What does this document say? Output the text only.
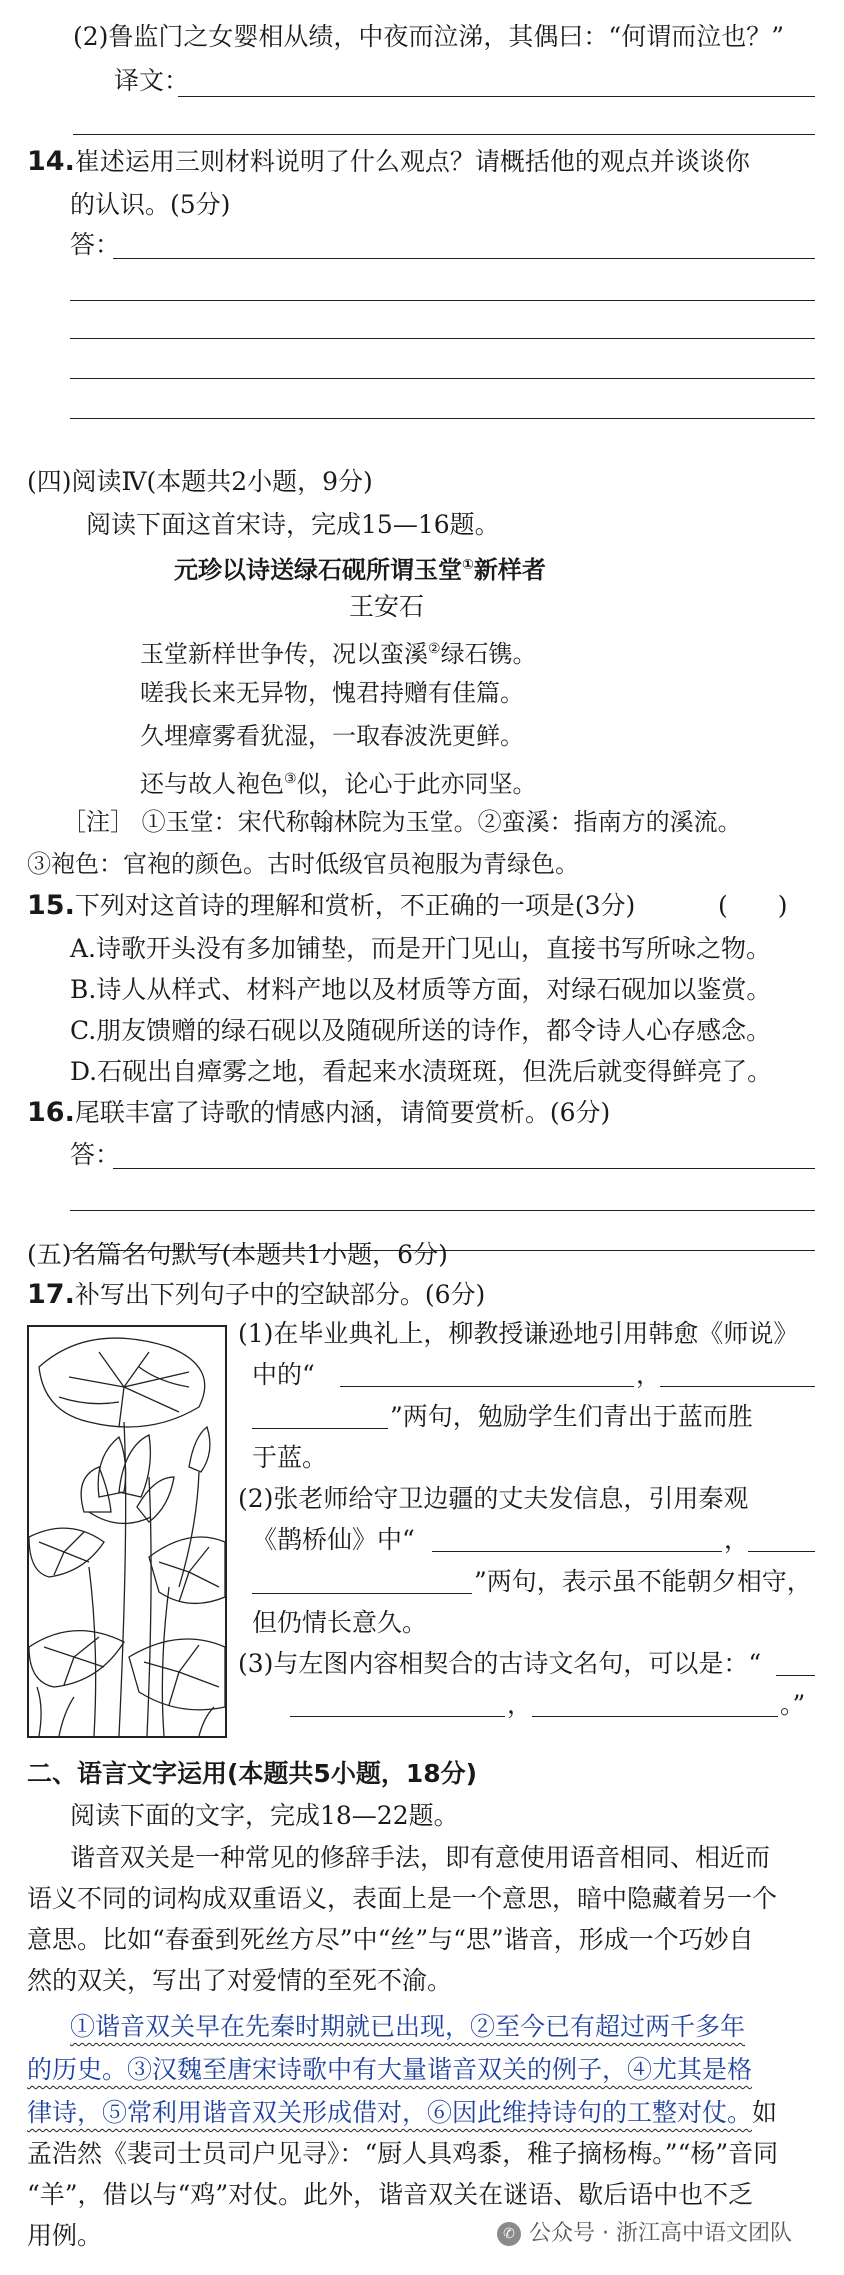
(2)鲁监门之女婴相从绩，中夜而泣涕，其偶曰：“何谓而泣也？”
译文：
14.崔述运用三则材料说明了什么观点？请概括他的观点并谈谈你
的认识。(5分)
答：
(四)阅读Ⅳ(本题共2小题，9分)
阅读下面这首宋诗，完成15—16题。
元珍以诗送绿石砚所谓玉堂①新样者
王安石
玉堂新样世争传，况以蛮溪②绿石镌。
嗟我长来无异物，愧君持赠有佳篇。
久埋瘴雾看犹湿，一取春波洗更鲜。
还与故人袍色③似，论心于此亦同坚。
［注］ ①玉堂：宋代称翰林院为玉堂。②蛮溪：指南方的溪流。
③袍色：官袍的颜色。古时低级官员袍服为青绿色。
15.下列对这首诗的理解和赏析，不正确的一项是(3分)	(　　)
A.诗歌开头没有多加铺垫，而是开门见山，直接书写所咏之物。
B.诗人从样式、材料产地以及材质等方面，对绿石砚加以鉴赏。
C.朋友馈赠的绿石砚以及随砚所送的诗作，都令诗人心存感念。
D.石砚出自瘴雾之地，看起来水渍斑斑，但洗后就变得鲜亮了。
16.尾联丰富了诗歌的情感内涵，请简要赏析。(6分)
答：
(五)名篇名句默写(本题共1小题，6分)
17.补写出下列句子中的空缺部分。(6分)
(1)在毕业典礼上，柳教授谦逊地引用韩愈《师说》
中的“	，
”两句，勉励学生们青出于蓝而胜
于蓝。
(2)张老师给守卫边疆的丈夫发信息，引用秦观
《鹊桥仙》中“	，
”两句，表示虽不能朝夕相守，
但仍情长意久。
(3)与左图内容相契合的古诗文名句，可以是：“
，	。”
二、语言文字运用(本题共5小题，18分)
阅读下面的文字，完成18—22题。
谐音双关是一种常见的修辞手法，即有意使用语音相同、相近而
语义不同的词构成双重语义，表面上是一个意思，暗中隐藏着另一个
意思。比如“春蚕到死丝方尽”中“丝”与“思”谐音，形成一个巧妙自
然的双关，写出了对爱情的至死不渝。
①谐音双关早在先秦时期就已出现，②至今已有超过两千多年
的历史。③汉魏至唐宋诗歌中有大量谐音双关的例子，④尤其是格
律诗，⑤常利用谐音双关形成借对，⑥因此维持诗句的工整对仗。如
孟浩然《裴司士员司户见寻》：“厨人具鸡黍，稚子摘杨梅。”“杨”音同
“羊”，借以与“鸡”对仗。此外，谐音双关在谜语、歇后语中也不乏
用例。	✆ 公众号 · 浙江高中语文团队
